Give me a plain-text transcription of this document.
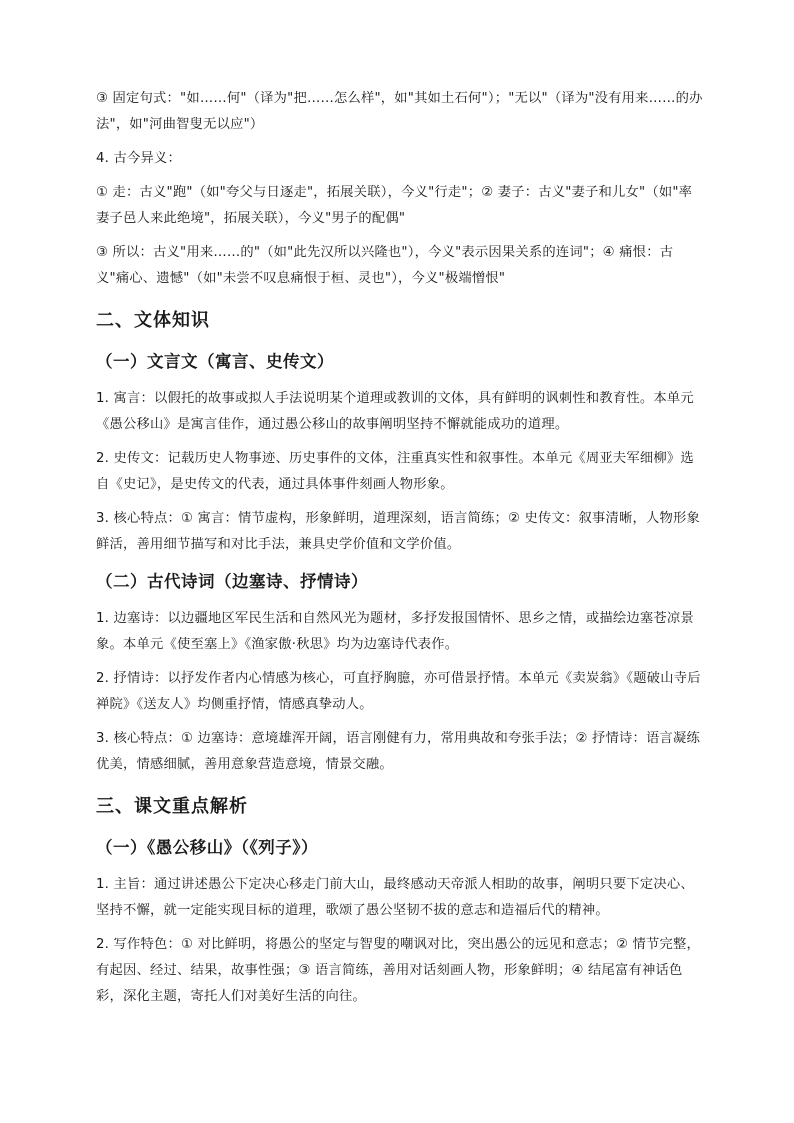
③ 固定句式："如……何"（译为"把……怎么样"，如"其如土石何"）；"无以"（译为"没有用来……的办法"，如"河曲智叟无以应"）

4. 古今异义：

① 走：古义"跑"（如"夸父与日逐走"，拓展关联），今义"行走"；② 妻子：古义"妻子和儿女"（如"率妻子邑人来此绝境"，拓展关联），今义"男子的配偶"

③ 所以：古义"用来……的"（如"此先汉所以兴隆也"），今义"表示因果关系的连词"；④ 痛恨：古义"痛心、遗憾"（如"未尝不叹息痛恨于桓、灵也"），今义"极端憎恨"

二、文体知识
（一）文言文（寓言、史传文）

1. 寓言：以假托的故事或拟人手法说明某个道理或教训的文体，具有鲜明的讽刺性和教育性。本单元《愚公移山》是寓言佳作，通过愚公移山的故事阐明坚持不懈就能成功的道理。

2. 史传文：记载历史人物事迹、历史事件的文体，注重真实性和叙事性。本单元《周亚夫军细柳》选自《史记》，是史传文的代表，通过具体事件刻画人物形象。

3. 核心特点：① 寓言：情节虚构，形象鲜明，道理深刻，语言简练；② 史传文：叙事清晰，人物形象鲜活，善用细节描写和对比手法，兼具史学价值和文学价值。

（二）古代诗词（边塞诗、抒情诗）

1. 边塞诗：以边疆地区军民生活和自然风光为题材，多抒发报国情怀、思乡之情，或描绘边塞苍凉景象。本单元《使至塞上》《渔家傲·秋思》均为边塞诗代表作。

2. 抒情诗：以抒发作者内心情感为核心，可直抒胸臆，亦可借景抒情。本单元《卖炭翁》《题破山寺后禅院》《送友人》均侧重抒情，情感真挚动人。

3. 核心特点：① 边塞诗：意境雄浑开阔，语言刚健有力，常用典故和夸张手法；② 抒情诗：语言凝练优美，情感细腻，善用意象营造意境，情景交融。

三、课文重点解析
（一）《愚公移山》（《列子》）

1. 主旨：通过讲述愚公下定决心移走门前大山，最终感动天帝派人相助的故事，阐明只要下定决心、坚持不懈，就一定能实现目标的道理，歌颂了愚公坚韧不拔的意志和造福后代的精神。

2. 写作特色：① 对比鲜明，将愚公的坚定与智叟的嘲讽对比，突出愚公的远见和意志；② 情节完整，有起因、经过、结果，故事性强；③ 语言简练，善用对话刻画人物，形象鲜明；④ 结尾富有神话色彩，深化主题，寄托人们对美好生活的向往。
